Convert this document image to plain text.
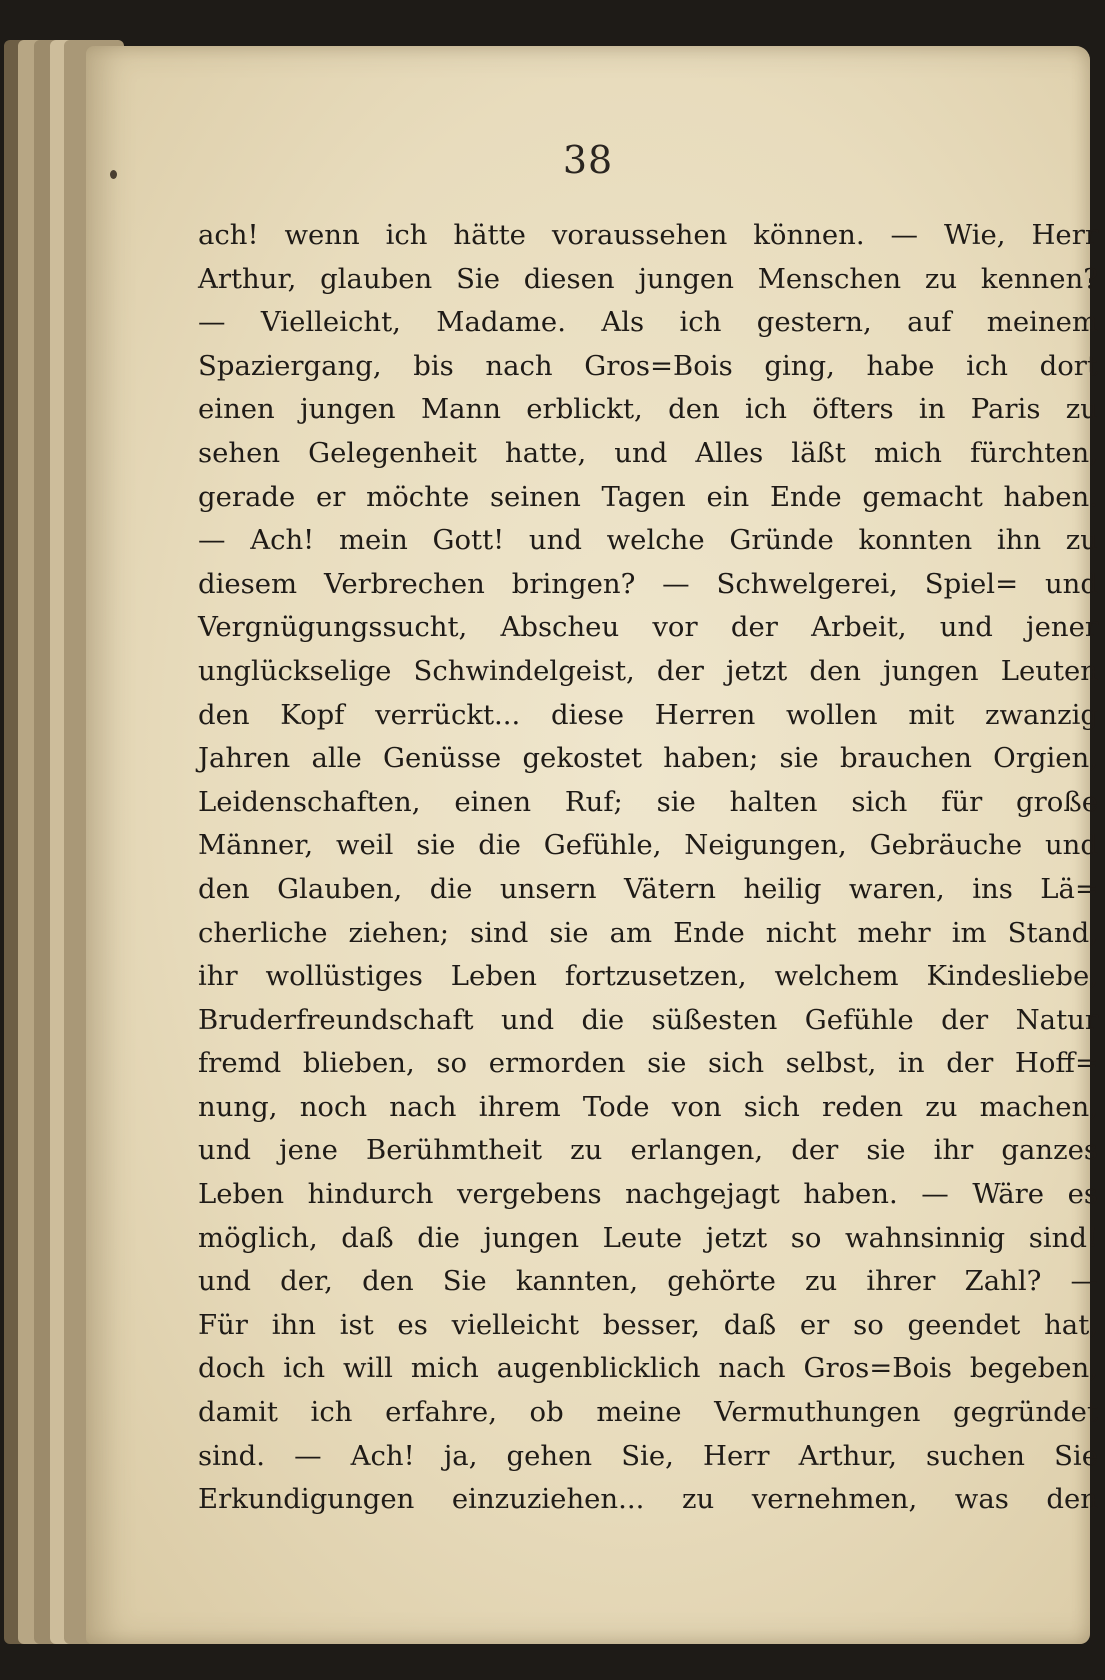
38
ach! wenn ich hätte voraussehen können. — Wie, Herr
Arthur, glauben Sie diesen jungen Menschen zu kennen?
— Vielleicht, Madame. Als ich gestern, auf meinem
Spaziergang, bis nach Gros=Bois ging, habe ich dort
einen jungen Mann erblickt, den ich öfters in Paris zu
sehen Gelegenheit hatte, und Alles läßt mich fürchten,
gerade er möchte seinen Tagen ein Ende gemacht haben.
— Ach! mein Gott! und welche Gründe konnten ihn zu
diesem Verbrechen bringen? — Schwelgerei, Spiel= und
Vergnügungssucht, Abscheu vor der Arbeit, und jener
unglückselige Schwindelgeist, der jetzt den jungen Leuten
den Kopf verrückt... diese Herren wollen mit zwanzig
Jahren alle Genüsse gekostet haben; sie brauchen Orgien,
Leidenschaften, einen Ruf; sie halten sich für große
Männer, weil sie die Gefühle, Neigungen, Gebräuche und
den Glauben, die unsern Vätern heilig waren, ins Lä=
cherliche ziehen; sind sie am Ende nicht mehr im Stand,
ihr wollüstiges Leben fortzusetzen, welchem Kindesliebe,
Bruderfreundschaft und die süßesten Gefühle der Natur
fremd blieben, so ermorden sie sich selbst, in der Hoff=
nung, noch nach ihrem Tode von sich reden zu machen,
und jene Berühmtheit zu erlangen, der sie ihr ganzes
Leben hindurch vergebens nachgejagt haben. — Wäre es
möglich, daß die jungen Leute jetzt so wahnsinnig sind!
und der, den Sie kannten, gehörte zu ihrer Zahl? —
Für ihn ist es vielleicht besser, daß er so geendet hat,
doch ich will mich augenblicklich nach Gros=Bois begeben,
damit ich erfahre, ob meine Vermuthungen gegründet
sind. — Ach! ja, gehen Sie, Herr Arthur, suchen Sie
Erkundigungen einzuziehen... zu vernehmen, was den
